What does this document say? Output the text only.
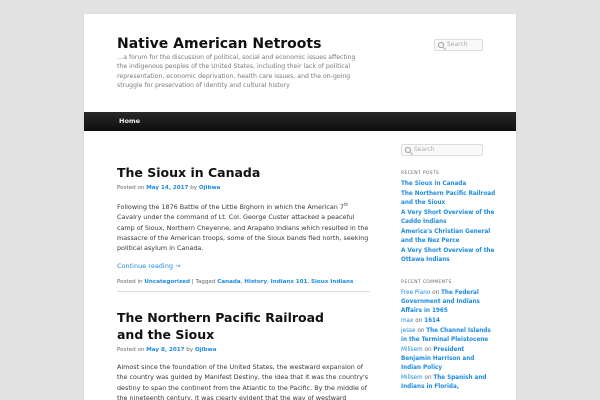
Native American Netroots
…a forum for the discussion of political, social and economic issues affecting the indigenous peoples of the United States, including their lack of political representation, economic deprivation, health care issues, and the on-going struggle for preservation of identity and cultural history
Search
Home
The Sioux in Canada
Posted on May 14, 2017 by Ojibwa
Following the 1876 Battle of the Little Bighorn in which the American 7th Cavalry under the command of Lt. Col. George Custer attacked a peaceful camp of Sioux, Northern Cheyenne, and Arapaho Indians which resulted in the massacre of the American troops, some of the Sioux bands fled north, seeking political asylum in Canada.
Continue reading →
Posted in Uncategorized | Tagged Canada, History, Indians 101, Sioux Indians
The Northern Pacific Railroad and the Sioux
Posted on May 8, 2017 by Ojibwa
Almost since the foundation of the United States, the westward expansion of the country was guided by Manifest Destiny, the idea that it was the country's destiny to span the continent from the Atlantic to the Pacific. By the middle of the nineteenth century, it was clearly evident that the way of westward
Search
RECENT POSTS
The Sioux in Canada
The Northern Pacific Railroad and the Sioux
A Very Short Overview of the Caddo Indians
America's Christian General and the Nez Perce
A Very Short Overview of the Ottawa Indians
RECENT COMMENTS
Free Piano on The Federal Government and Indians Affairs in 1965
max on 1614
jesse on The Channel Islands in the Terminal Pleistocene
Millsem on President Benjamin Harrison and Indian Policy
Millsem on The Spanish and Indians in Florida,
